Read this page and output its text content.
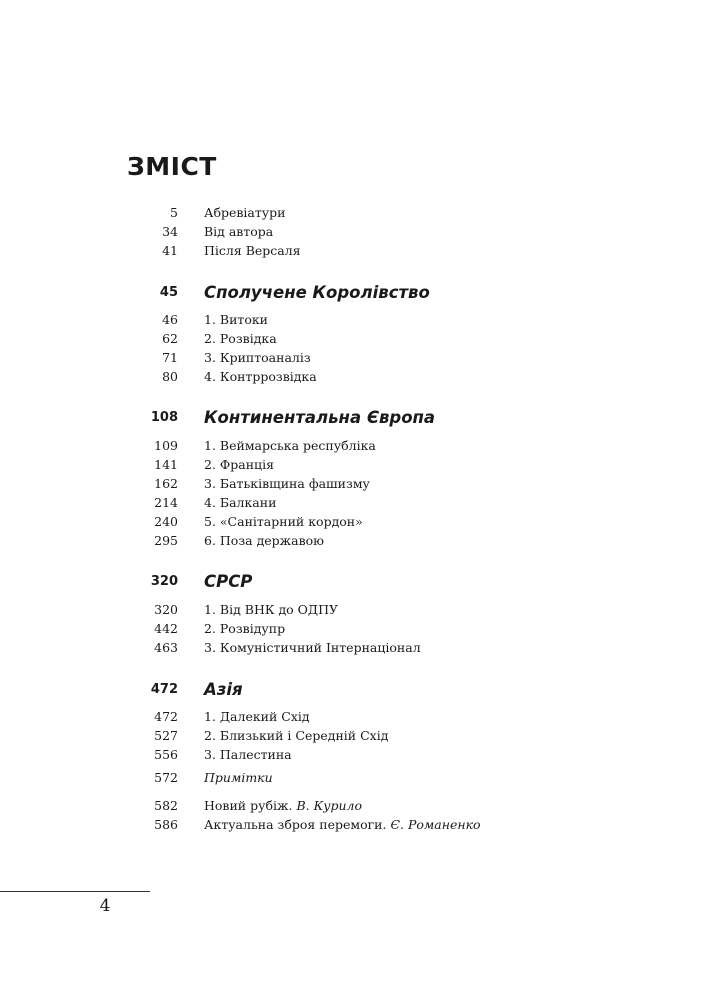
ЗМІСТ
5 Абревіатури
34 Від автора
41 Після Версаля
45 Сполучене Королівство
46 1. Витоки
62 2. Розвідка
71 3. Криптоаналіз
80 4. Контррозвідка
108 Континентальна Європа
109 1. Веймарська республіка
141 2. Франція
162 3. Батьківщина фашизму
214 4. Балкани
240 5. «Санітарний кордон»
295 6. Поза державою
320 СРСР
320 1. Від ВНК до ОДПУ
442 2. Розвідупр
463 3. Комуністичний Інтернаціонал
472 Азія
472 1. Далекий Схід
527 2. Близький і Середній Схід
556 3. Палестина
572 Примітки
582 Новий рубіж. В. Курило
586 Актуальна зброя перемоги. Є. Романенко
4
